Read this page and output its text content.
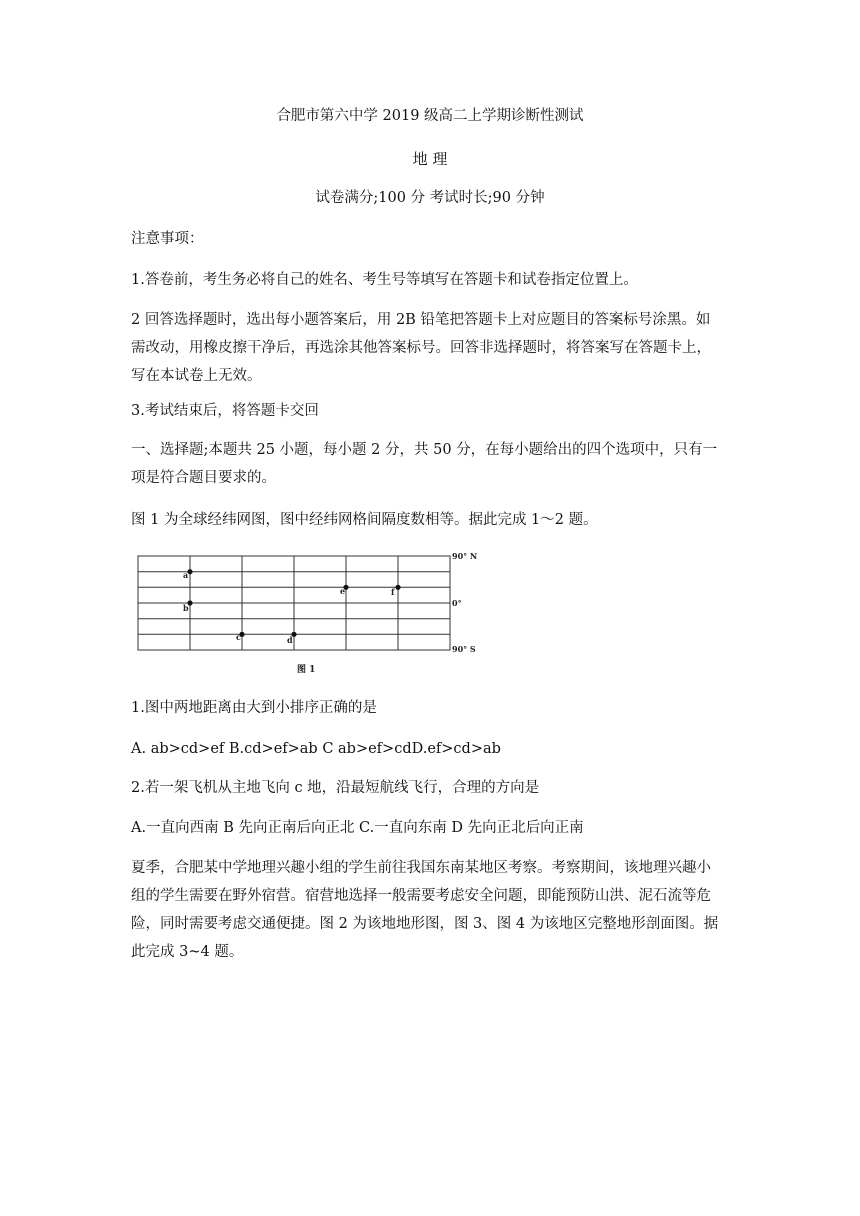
合肥市第六中学 2019 级高二上学期诊断性测试
地 理
试卷满分;100 分 考试时长;90 分钟
注意事项：
1.答卷前，考生务必将自己的姓名、考生号等填写在答题卡和试卷指定位置上。
2 回答选择题时，选出每小题答案后，用 2B 铅笔把答题卡上对应题目的答案标号涂黑。如
需改动，用橡皮擦干净后，再选涂其他答案标号。回答非选择题时，将答案写在答题卡上，
写在本试卷上无效。
3.考试结束后，将答题卡交回
一、选择题;本题共 25 小题，每小题 2 分，共 50 分，在每小题给出的四个选项中，只有一
项是符合题目要求的。
图 1 为全球经纬网图，图中经纬网格间隔度数相等。据此完成 1～2 题。
a
b
c	d
e	f
90° N
0°
90° S
图 1
1.图中两地距离由大到小排序正确的是
A. ab>cd>ef B.cd>ef>ab C ab>ef>cdD.ef>cd>ab
2.若一架飞机从主地飞向 c 地，沿最短航线飞行，合理的方向是
A.一直向西南 B 先向正南后向正北 C.一直向东南 D 先向正北后向正南
夏季，合肥某中学地理兴趣小组的学生前往我国东南某地区考察。考察期间，该地理兴趣小
组的学生需要在野外宿营。宿营地选择一般需要考虑安全问题，即能预防山洪、泥石流等危
险，同时需要考虑交通便捷。图 2 为该地地形图，图 3、图 4 为该地区完整地形剖面图。据
此完成 3~4 题。
